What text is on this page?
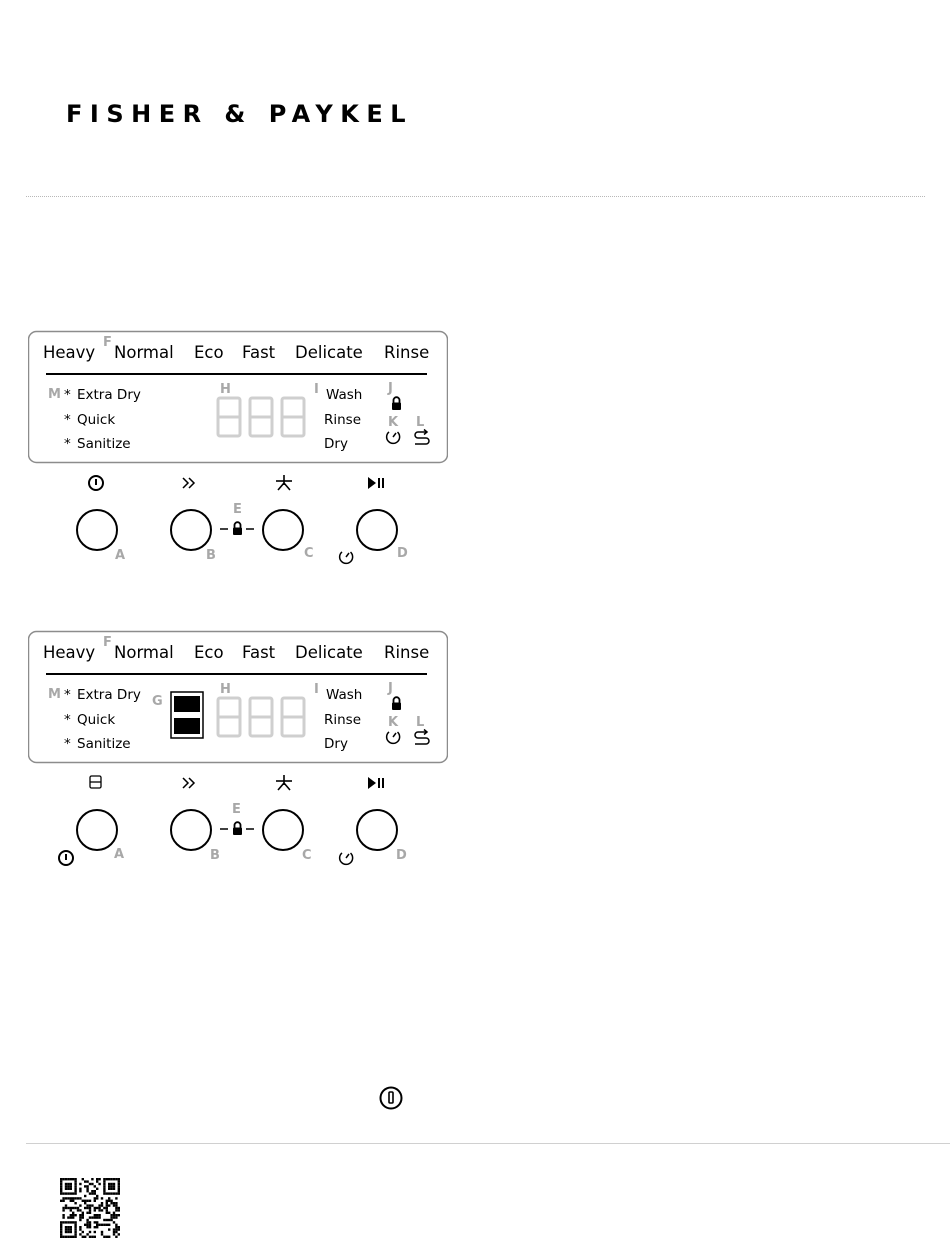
FISHER & PAYKEL
Heavy Normal Eco Fast Delicate Rinse
F
M * Extra Dry
* Quick
* Sanitize
H	I Wash
Rinse
Dry
J
K L
A	B
E
C	D
Heavy Normal Eco Fast Delicate Rinse
F
M * Extra Dry
* Quick
* Sanitize
G
H	I Wash
Rinse
Dry
J
K L
A	B
E
C	D
